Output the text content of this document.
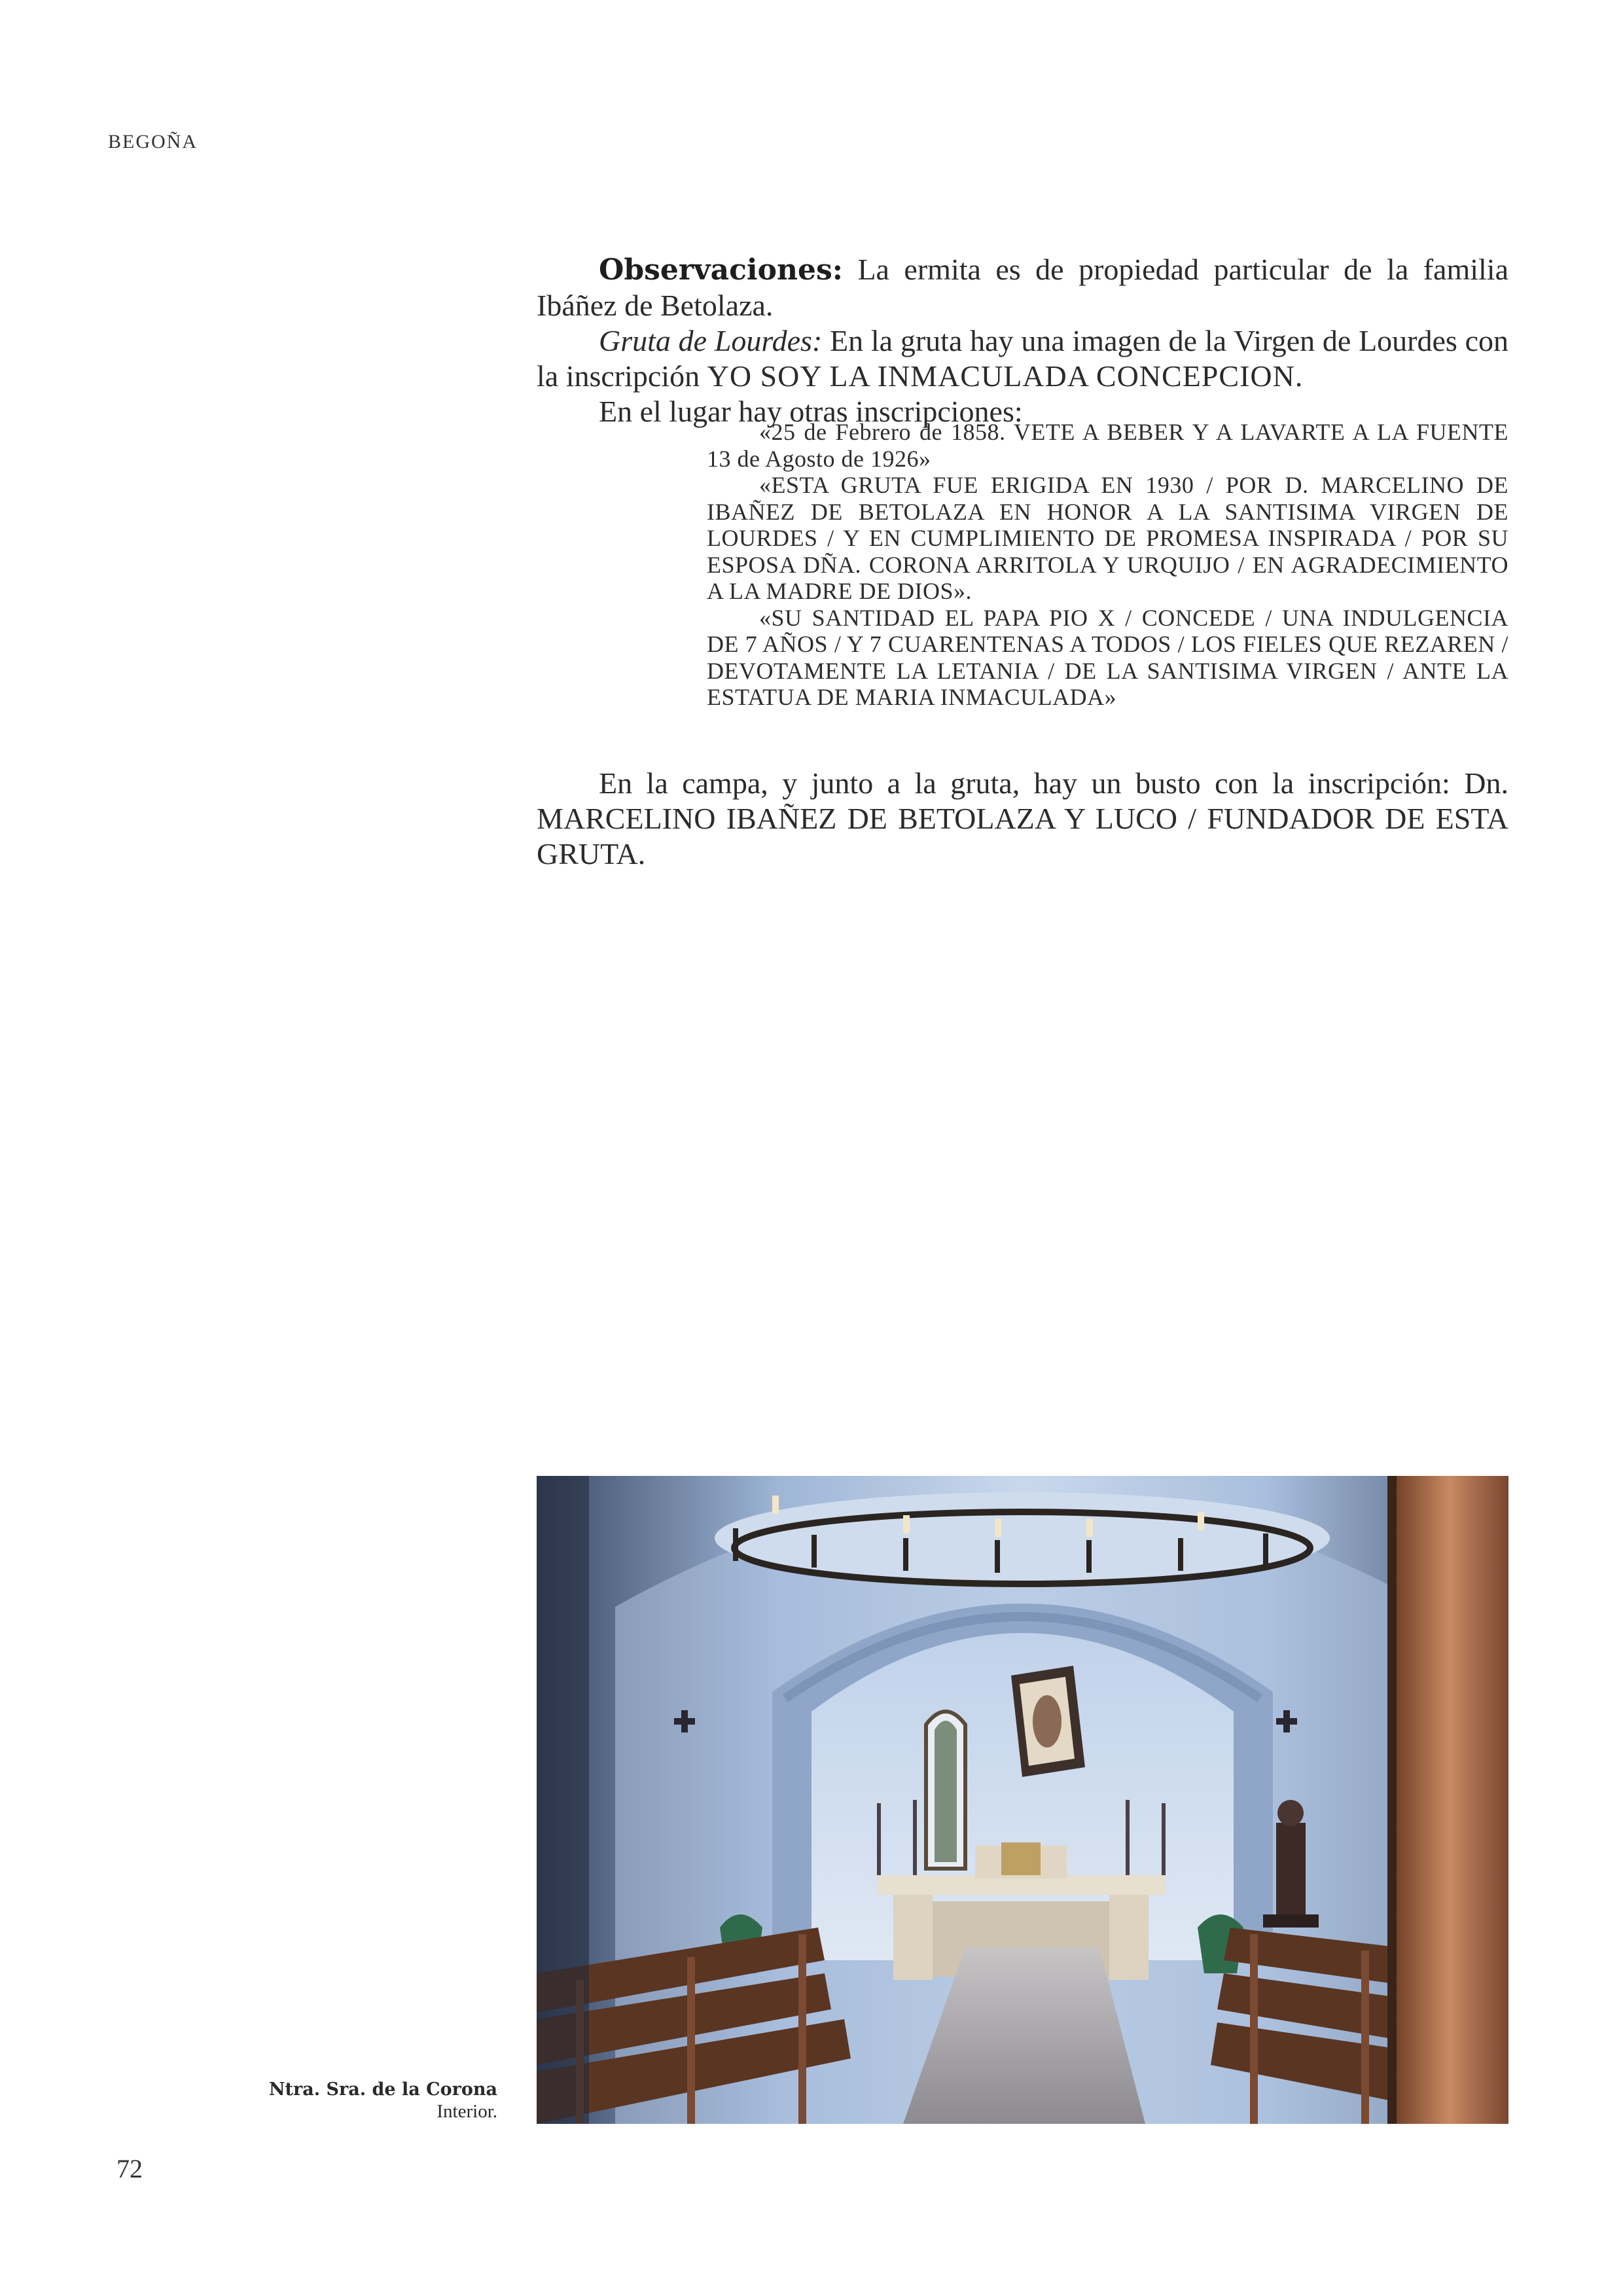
BEGOÑA

Observaciones: La ermita es de propiedad particular de la familia Ibáñez de Betolaza.

Gruta de Lourdes: En la gruta hay una imagen de la Virgen de Lourdes con la inscripción YO SOY LA INMACULADA CONCEPCION.

En el lugar hay otras inscripciones:

«25 de Febrero de 1858. VETE A BEBER Y A LAVARTE A LA FUENTE 13 de Agosto de 1926»

«ESTA GRUTA FUE ERIGIDA EN 1930 / POR D. MARCELINO DE IBAÑEZ DE BETOLAZA EN HONOR A LA SANTISIMA VIRGEN DE LOURDES / Y EN CUMPLIMIENTO DE PROMESA INSPIRADA / POR SU ESPOSA DÑA. CORONA ARRITOLA Y URQUIJO / EN AGRADECIMIENTO A LA MADRE DE DIOS».

«SU SANTIDAD EL PAPA PIO X / CONCEDE / UNA INDULGENCIA DE 7 AÑOS / Y 7 CUARENTENAS A TODOS / LOS FIELES QUE REZAREN / DEVOTAMENTE LA LETANIA / DE LA SANTISIMA VIRGEN / ANTE LA ESTATUA DE MARIA INMACULADA»

En la campa, y junto a la gruta, hay un busto con la inscripción: Dn. MARCELINO IBAÑEZ DE BETOLAZA Y LUCO / FUNDADOR DE ESTA GRUTA.

Ntra. Sra. de la Corona
Interior.
72
